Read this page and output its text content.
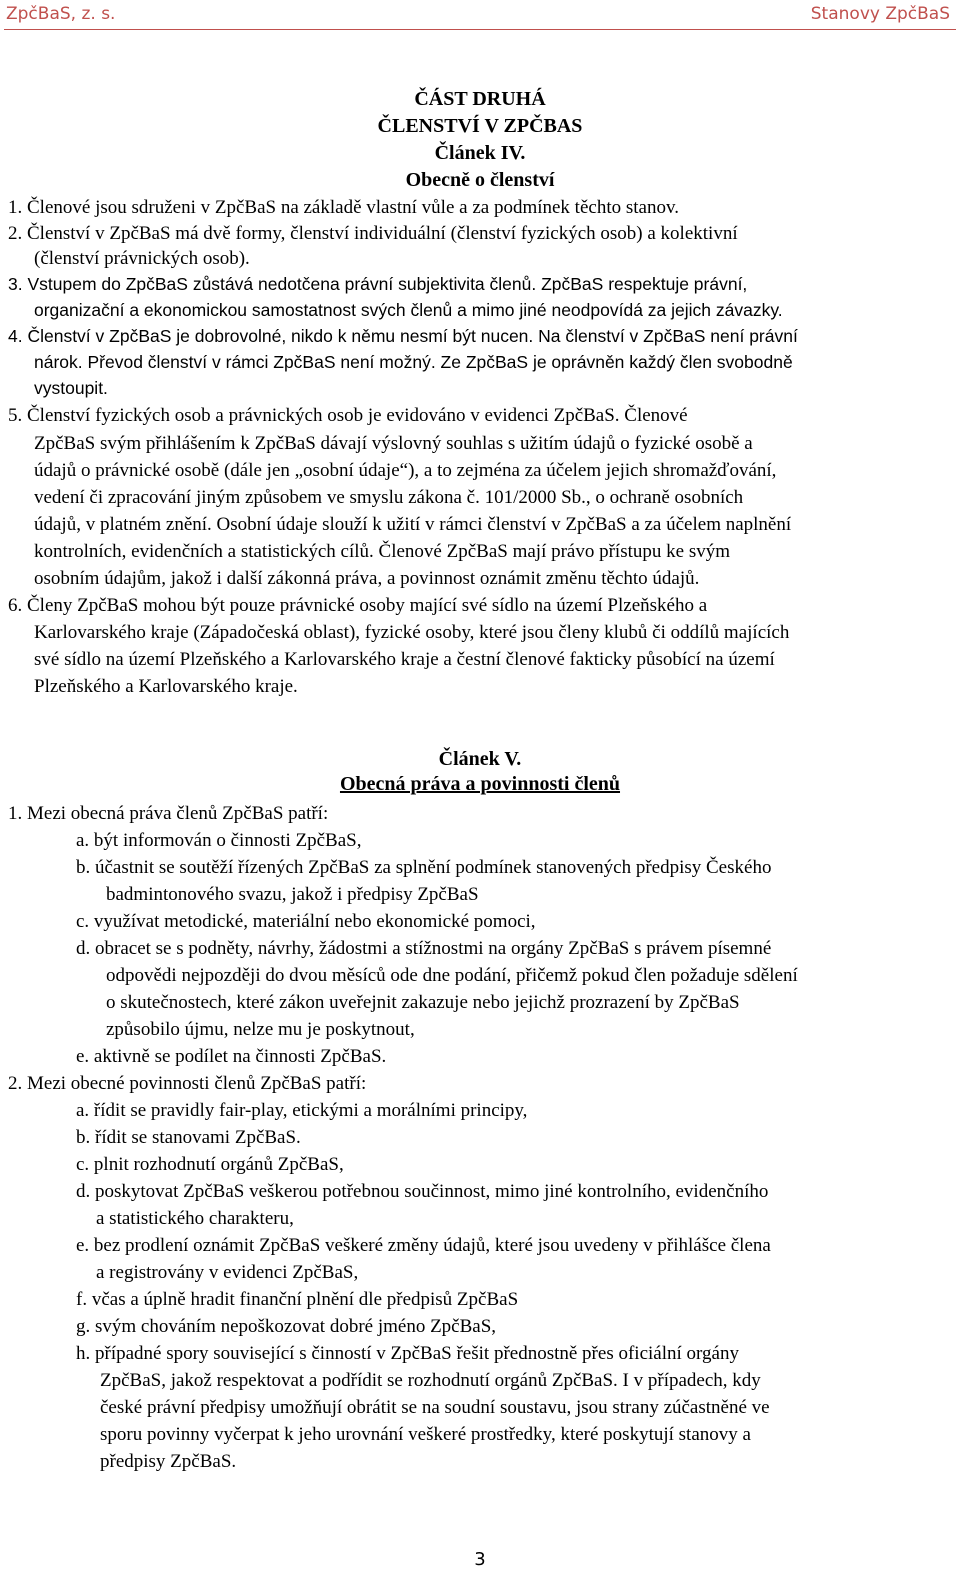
ZpčBaS, z. s.	Stanovy ZpčBaS
ČÁST DRUHÁ
ČLENSTVÍ V ZPČBAS
Článek IV.
Obecně o členství
1. Členové jsou sdruženi v ZpčBaS na základě vlastní vůle a za podmínek těchto stanov.
2. Členství v ZpčBaS má dvě formy, členství individuální (členství fyzických osob) a kolektivní
(členství právnických osob).
3. Vstupem do ZpčBaS zůstává nedotčena právní subjektivita členů. ZpčBaS respektuje právní,
organizační a ekonomickou samostatnost svých členů a mimo jiné neodpovídá za jejich závazky.
4. Členství v ZpčBaS je dobrovolné, nikdo k němu nesmí být nucen. Na členství v ZpčBaS není právní
nárok. Převod členství v rámci ZpčBaS není možný. Ze ZpčBaS je oprávněn každý člen svobodně
vystoupit.
5. Členství fyzických osob a právnických osob je evidováno v evidenci ZpčBaS. Členové
ZpčBaS svým přihlášením k ZpčBaS dávají výslovný souhlas s užitím údajů o fyzické osobě a
údajů o právnické osobě (dále jen „osobní údaje“), a to zejména za účelem jejich shromažďování,
vedení či zpracování jiným způsobem ve smyslu zákona č. 101/2000 Sb., o ochraně osobních
údajů, v platném znění. Osobní údaje slouží k užití v rámci členství v ZpčBaS a za účelem naplnění
kontrolních, evidenčních a statistických cílů. Členové ZpčBaS mají právo přístupu ke svým
osobním údajům, jakož i další zákonná práva, a povinnost oznámit změnu těchto údajů.
6. Členy ZpčBaS mohou být pouze právnické osoby mající své sídlo na území Plzeňského a
Karlovarského kraje (Západočeská oblast), fyzické osoby, které jsou členy klubů či oddílů majících
své sídlo na území Plzeňského a Karlovarského kraje a čestní členové fakticky působící na území
Plzeňského a Karlovarského kraje.
Článek V.
Obecná práva a povinnosti členů
1. Mezi obecná práva členů ZpčBaS patří:
a. být informován o činnosti ZpčBaS,
b. účastnit se soutěží řízených ZpčBaS za splnění podmínek stanovených předpisy Českého
badmintonového svazu, jakož i předpisy ZpčBaS
c. využívat metodické, materiální nebo ekonomické pomoci,
d. obracet se s podněty, návrhy, žádostmi a stížnostmi na orgány ZpčBaS s právem písemné
odpovědi nejpozději do dvou měsíců ode dne podání, přičemž pokud člen požaduje sdělení
o skutečnostech, které zákon uveřejnit zakazuje nebo jejichž prozrazení by ZpčBaS
způsobilo újmu, nelze mu je poskytnout,
e. aktivně se podílet na činnosti ZpčBaS.
2. Mezi obecné povinnosti členů ZpčBaS patří:
a. řídit se pravidly fair-play, etickými a morálními principy,
b. řídit se stanovami ZpčBaS.
c. plnit rozhodnutí orgánů ZpčBaS,
d. poskytovat ZpčBaS veškerou potřebnou součinnost, mimo jiné kontrolního, evidenčního
a statistického charakteru,
e. bez prodlení oznámit ZpčBaS veškeré změny údajů, které jsou uvedeny v přihlášce člena
a registrovány v evidenci ZpčBaS,
f. včas a úplně hradit finanční plnění dle předpisů ZpčBaS
g. svým chováním nepoškozovat dobré jméno ZpčBaS,
h. případné spory související s činností v ZpčBaS řešit přednostně přes oficiální orgány
ZpčBaS, jakož respektovat a podřídit se rozhodnutí orgánů ZpčBaS. I v případech, kdy
české právní předpisy umožňují obrátit se na soudní soustavu, jsou strany zúčastněné ve
sporu povinny vyčerpat k jeho urovnání veškeré prostředky, které poskytují stanovy a
předpisy ZpčBaS.
3
